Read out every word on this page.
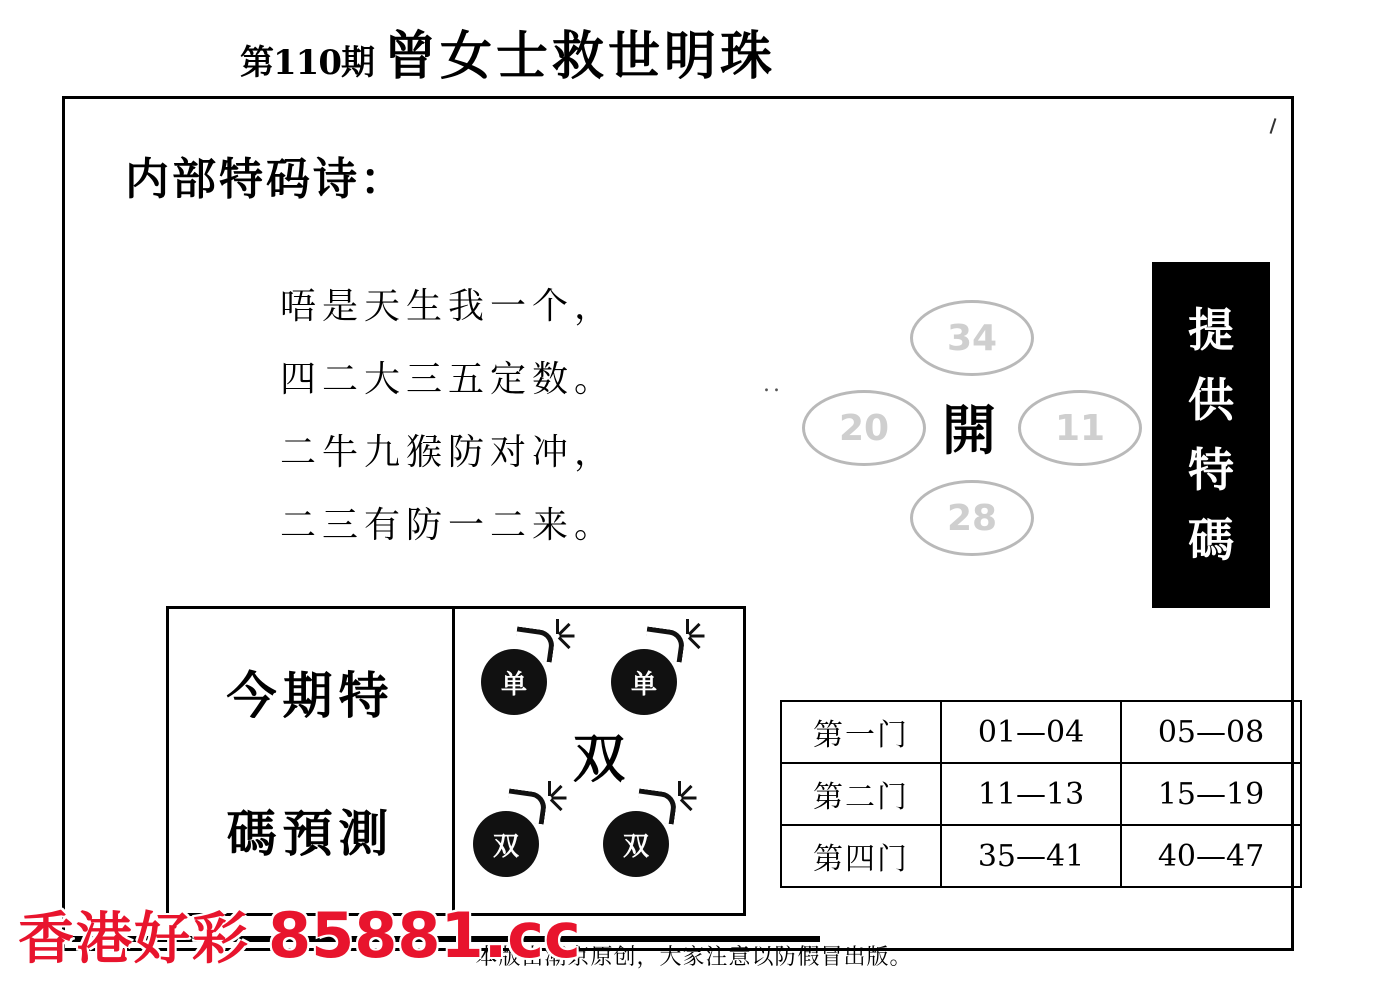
第110期 曾女士救世明珠
内部特码诗：
唔是天生我一个，
四二大三五定数。
二牛九猴防对冲，
二三有防一二来。
..
34
20	11
28
開
提
供
特
碼
今期特
碼預測
单	单
双
双	双
第一门	01—04	05—08
第二门	11—13	15—19
第四门	35—41	40—47
本版由潮京原创，大家注意以防假冒出版。
香港好彩 85881.cc
